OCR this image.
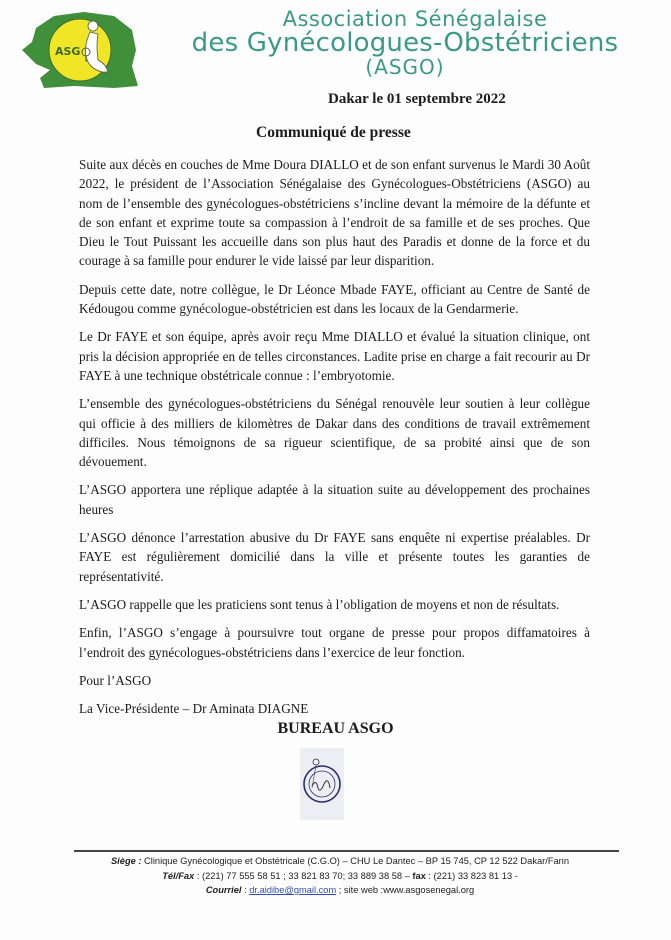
ASG
Association Sénégalaise
des Gynécologues-Obstétriciens
(ASGO)
Dakar le 01 septembre 2022
Communiqué de presse

Suite aux décès en couches de Mme Doura DIALLO et de son enfant survenus le Mardi 30 Août 2022, le président de l’Association Sénégalaise des Gynécologues-Obstétriciens (ASGO) au nom de l’ensemble des gynécologues-obstétriciens s’incline devant la mémoire de la défunte et de son enfant et exprime toute sa compassion à l’endroit de sa famille et de ses proches. Que Dieu le Tout Puissant les accueille dans son plus haut des Paradis et donne de la force et du courage à sa famille pour endurer le vide laissé par leur disparition.

Depuis cette date, notre collègue, le Dr Léonce Mbade FAYE, officiant au Centre de Santé de Kédougou comme gynécologue-obstétricien est dans les locaux de la Gendarmerie.

Le Dr FAYE et son équipe, après avoir reçu Mme DIALLO et évalué la situation clinique, ont pris la décision appropriée en de telles circonstances. Ladite prise en charge a fait recourir au Dr FAYE à une technique obstétricale connue : l’embryotomie.

L’ensemble des gynécologues-obstétriciens du Sénégal renouvèle leur soutien à leur collègue qui officie à des milliers de kilomètres de Dakar dans des conditions de travail extrêmement difficiles. Nous témoignons de sa rigueur scientifique, de sa probité ainsi que de son dévouement.

L’ASGO apportera une réplique adaptée à la situation suite au développement des prochaines heures

L’ASGO dénonce l’arrestation abusive du Dr FAYE sans enquête ni expertise préalables. Dr FAYE est régulièrement domicilié dans la ville et présente toutes les garanties de représentativité.

L’ASGO rappelle que les praticiens sont tenus à l’obligation de moyens et non de résultats.

Enfin, l’ASGO s’engage à poursuivre tout organe de presse pour propos diffamatoires à l’endroit des gynécologues-obstétriciens dans l’exercice de leur fonction.

Pour l’ASGO

La Vice-Présidente – Dr Aminata DIAGNE

BUREAU ASGO
Siège : Clinique Gynécologique et Obstétricale (C.G.O) – CHU Le Dantec – BP 15 745, CP 12 522 Dakar/Fann
Tél/Fax : (221) 77 555 58 51 ; 33 821 83 70; 33 889 38 58 – fax : (221) 33 823 81 13 -
Courriel : dr.aidibe@gmail.com ; site web :www.asgosenegal.org
